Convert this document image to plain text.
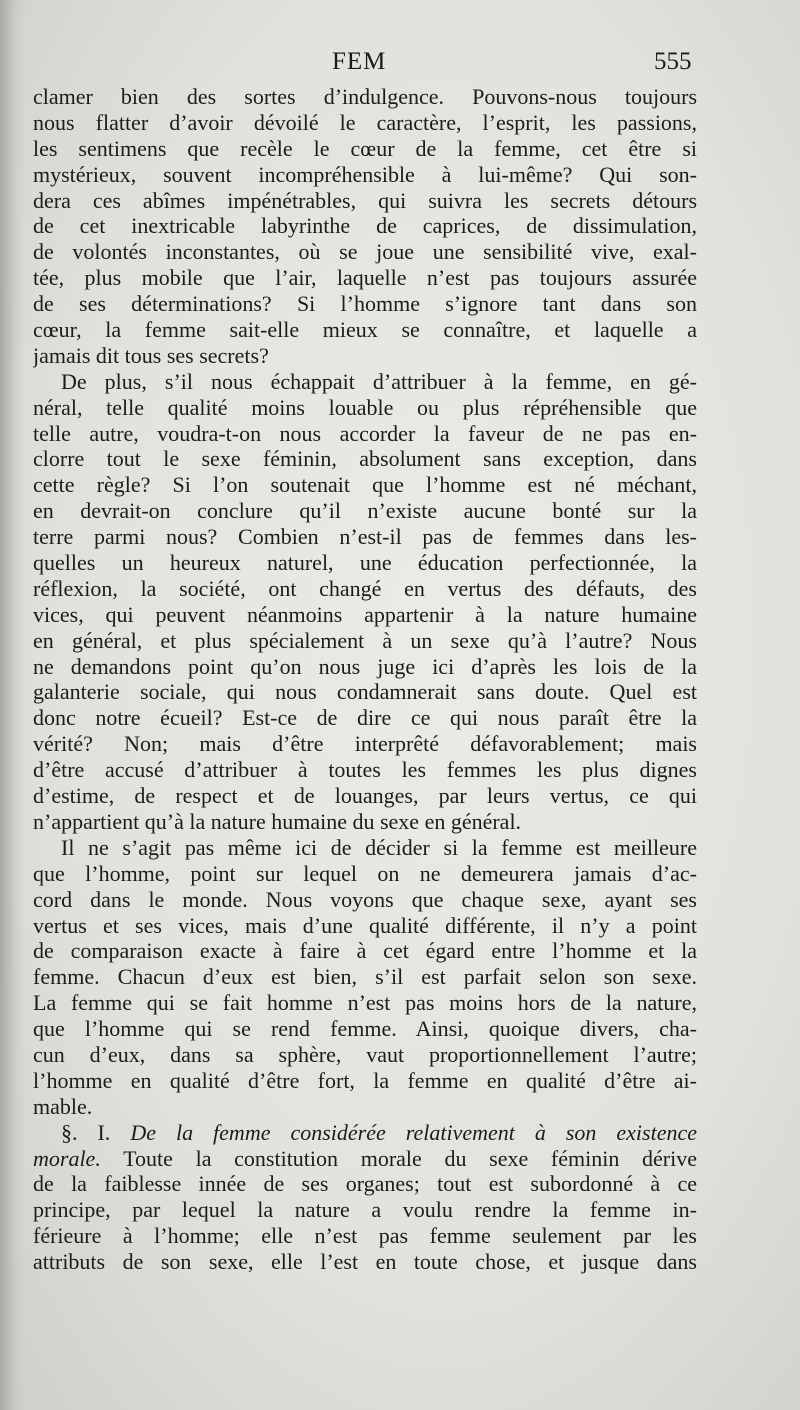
FEM	555
clamer bien des sortes d’indulgence. Pouvons-nous toujours
nous flatter d’avoir dévoilé le caractère, l’esprit, les passions,
les sentimens que recèle le cœur de la femme, cet être si
mystérieux, souvent incompréhensible à lui-même? Qui son-
dera ces abîmes impénétrables, qui suivra les secrets détours
de cet inextricable labyrinthe de caprices, de dissimulation,
de volontés inconstantes, où se joue une sensibilité vive, exal-
tée, plus mobile que l’air, laquelle n’est pas toujours assurée
de ses déterminations? Si l’homme s’ignore tant dans son
cœur, la femme sait-elle mieux se connaître, et laquelle a
jamais dit tous ses secrets?
De plus, s’il nous échappait d’attribuer à la femme, en gé-
néral, telle qualité moins louable ou plus répréhensible que
telle autre, voudra-t-on nous accorder la faveur de ne pas en-
clorre tout le sexe féminin, absolument sans exception, dans
cette règle? Si l’on soutenait que l’homme est né méchant,
en devrait-on conclure qu’il n’existe aucune bonté sur la
terre parmi nous? Combien n’est-il pas de femmes dans les-
quelles un heureux naturel, une éducation perfectionnée, la
réflexion, la société, ont changé en vertus des défauts, des
vices, qui peuvent néanmoins appartenir à la nature humaine
en général, et plus spécialement à un sexe qu’à l’autre? Nous
ne demandons point qu’on nous juge ici d’après les lois de la
galanterie sociale, qui nous condamnerait sans doute. Quel est
donc notre écueil? Est-ce de dire ce qui nous paraît être la
vérité? Non; mais d’être interprêté défavorablement; mais
d’être accusé d’attribuer à toutes les femmes les plus dignes
d’estime, de respect et de louanges, par leurs vertus, ce qui
n’appartient qu’à la nature humaine du sexe en général.
Il ne s’agit pas même ici de décider si la femme est meilleure
que l’homme, point sur lequel on ne demeurera jamais d’ac-
cord dans le monde. Nous voyons que chaque sexe, ayant ses
vertus et ses vices, mais d’une qualité différente, il n’y a point
de comparaison exacte à faire à cet égard entre l’homme et la
femme. Chacun d’eux est bien, s’il est parfait selon son sexe.
La femme qui se fait homme n’est pas moins hors de la nature,
que l’homme qui se rend femme. Ainsi, quoique divers, cha-
cun d’eux, dans sa sphère, vaut proportionnellement l’autre;
l’homme en qualité d’être fort, la femme en qualité d’être ai-
mable.
§. I. De la femme considérée relativement à son existence
morale. Toute la constitution morale du sexe féminin dérive
de la faiblesse innée de ses organes; tout est subordonné à ce
principe, par lequel la nature a voulu rendre la femme in-
férieure à l’homme; elle n’est pas femme seulement par les
attributs de son sexe, elle l’est en toute chose, et jusque dans
